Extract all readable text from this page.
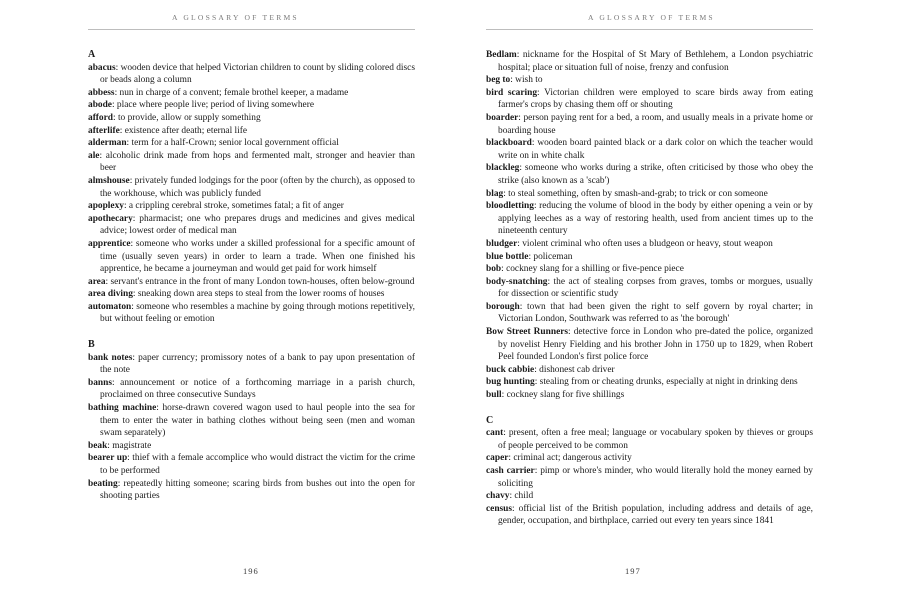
A GLOSSARY OF TERMS
A
abacus: wooden device that helped Victorian children to count by sliding colored discs or beads along a column
abbess: nun in charge of a convent; female brothel keeper, a madame
abode: place where people live; period of living somewhere
afford: to provide, allow or supply something
afterlife: existence after death; eternal life
alderman: term for a half-Crown; senior local government official
ale: alcoholic drink made from hops and fermented malt, stronger and heavier than beer
almshouse: privately funded lodgings for the poor (often by the church), as opposed to the workhouse, which was publicly funded
apoplexy: a crippling cerebral stroke, sometimes fatal; a fit of anger
apothecary: pharmacist; one who prepares drugs and medicines and gives medical advice; lowest order of medical man
apprentice: someone who works under a skilled professional for a specific amount of time (usually seven years) in order to learn a trade. When one finished his apprentice, he became a journeyman and would get paid for work himself
area: servant's entrance in the front of many London town-houses, often below-ground
area diving: sneaking down area steps to steal from the lower rooms of houses
automaton: someone who resembles a machine by going through motions repetitively, but without feeling or emotion
B
bank notes: paper currency; promissory notes of a bank to pay upon presentation of the note
banns: announcement or notice of a forthcoming marriage in a parish church, proclaimed on three consecutive Sundays
bathing machine: horse-drawn covered wagon used to haul people into the sea for them to enter the water in bathing clothes without being seen (men and woman swam separately)
beak: magistrate
bearer up: thief with a female accomplice who would distract the victim for the crime to be performed
beating: repeatedly hitting someone; scaring birds from bushes out into the open for shooting parties
196
A GLOSSARY OF TERMS
Bedlam: nickname for the Hospital of St Mary of Bethlehem, a London psychiatric hospital; place or situation full of noise, frenzy and confusion
beg to: wish to
bird scaring: Victorian children were employed to scare birds away from eating farmer's crops by chasing them off or shouting
boarder: person paying rent for a bed, a room, and usually meals in a private home or boarding house
blackboard: wooden board painted black or a dark color on which the teacher would write on in white chalk
blackleg: someone who works during a strike, often criticised by those who obey the strike (also known as a 'scab')
blag: to steal something, often by smash-and-grab; to trick or con someone
bloodletting: reducing the volume of blood in the body by either opening a vein or by applying leeches as a way of restoring health, used from ancient times up to the nineteenth century
bludger: violent criminal who often uses a bludgeon or heavy, stout weapon
blue bottle: policeman
bob: cockney slang for a shilling or five-pence piece
body-snatching: the act of stealing corpses from graves, tombs or morgues, usually for dissection or scientific study
borough: town that had been given the right to self govern by royal charter; in Victorian London, Southwark was referred to as 'the borough'
Bow Street Runners: detective force in London who pre-dated the police, organized by novelist Henry Fielding and his brother John in 1750 up to 1829, when Robert Peel founded London's first police force
buck cabbie: dishonest cab driver
bug hunting: stealing from or cheating drunks, especially at night in drinking dens
bull: cockney slang for five shillings
C
cant: present, often a free meal; language or vocabulary spoken by thieves or groups of people perceived to be common
caper: criminal act; dangerous activity
cash carrier: pimp or whore's minder, who would literally hold the money earned by soliciting
chavy: child
census: official list of the British population, including address and details of age, gender, occupation, and birthplace, carried out every ten years since 1841
197
